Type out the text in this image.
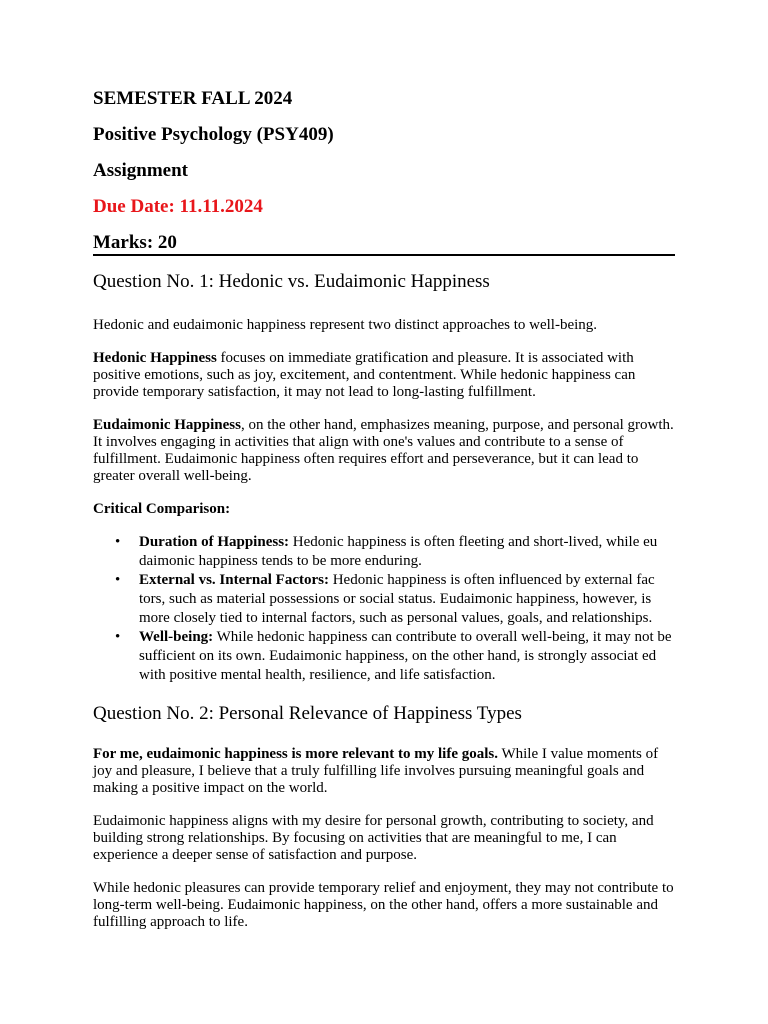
SEMESTER FALL 2024
Positive Psychology (PSY409)
Assignment
Due Date: 11.11.2024
Marks: 20
Question No. 1: Hedonic vs. Eudaimonic Happiness

Hedonic and eudaimonic happiness represent two distinct approaches to well-being.

Hedonic Happiness focuses on immediate gratification and pleasure. It is associated with positive emotions, such as joy, excitement, and contentment. While hedonic happiness can provide temporary satisfaction, it may not lead to long-lasting fulfillment.

Eudaimonic Happiness, on the other hand, emphasizes meaning, purpose, and personal growth. It involves engaging in activities that align with one's values and contribute to a sense of fulfillment. Eudaimonic happiness often requires effort and perseverance, but it can lead to greater overall well-being.

Critical Comparison:

• Duration of Happiness: Hedonic happiness is often fleeting and short-lived, while eu daimonic happiness tends to be more enduring.
• External vs. Internal Factors: Hedonic happiness is often influenced by external fac tors, such as material possessions or social status. Eudaimonic happiness, however, is more closely tied to internal factors, such as personal values, goals, and relationships.
• Well-being: While hedonic happiness can contribute to overall well-being, it may not be sufficient on its own. Eudaimonic happiness, on the other hand, is strongly associat ed with positive mental health, resilience, and life satisfaction.
Question No. 2: Personal Relevance of Happiness Types

For me, eudaimonic happiness is more relevant to my life goals. While I value moments of joy and pleasure, I believe that a truly fulfilling life involves pursuing meaningful goals and making a positive impact on the world.

Eudaimonic happiness aligns with my desire for personal growth, contributing to society, and building strong relationships. By focusing on activities that are meaningful to me, I can experience a deeper sense of satisfaction and purpose.

While hedonic pleasures can provide temporary relief and enjoyment, they may not contribute to long-term well-being. Eudaimonic happiness, on the other hand, offers a more sustainable and fulfilling approach to life.
